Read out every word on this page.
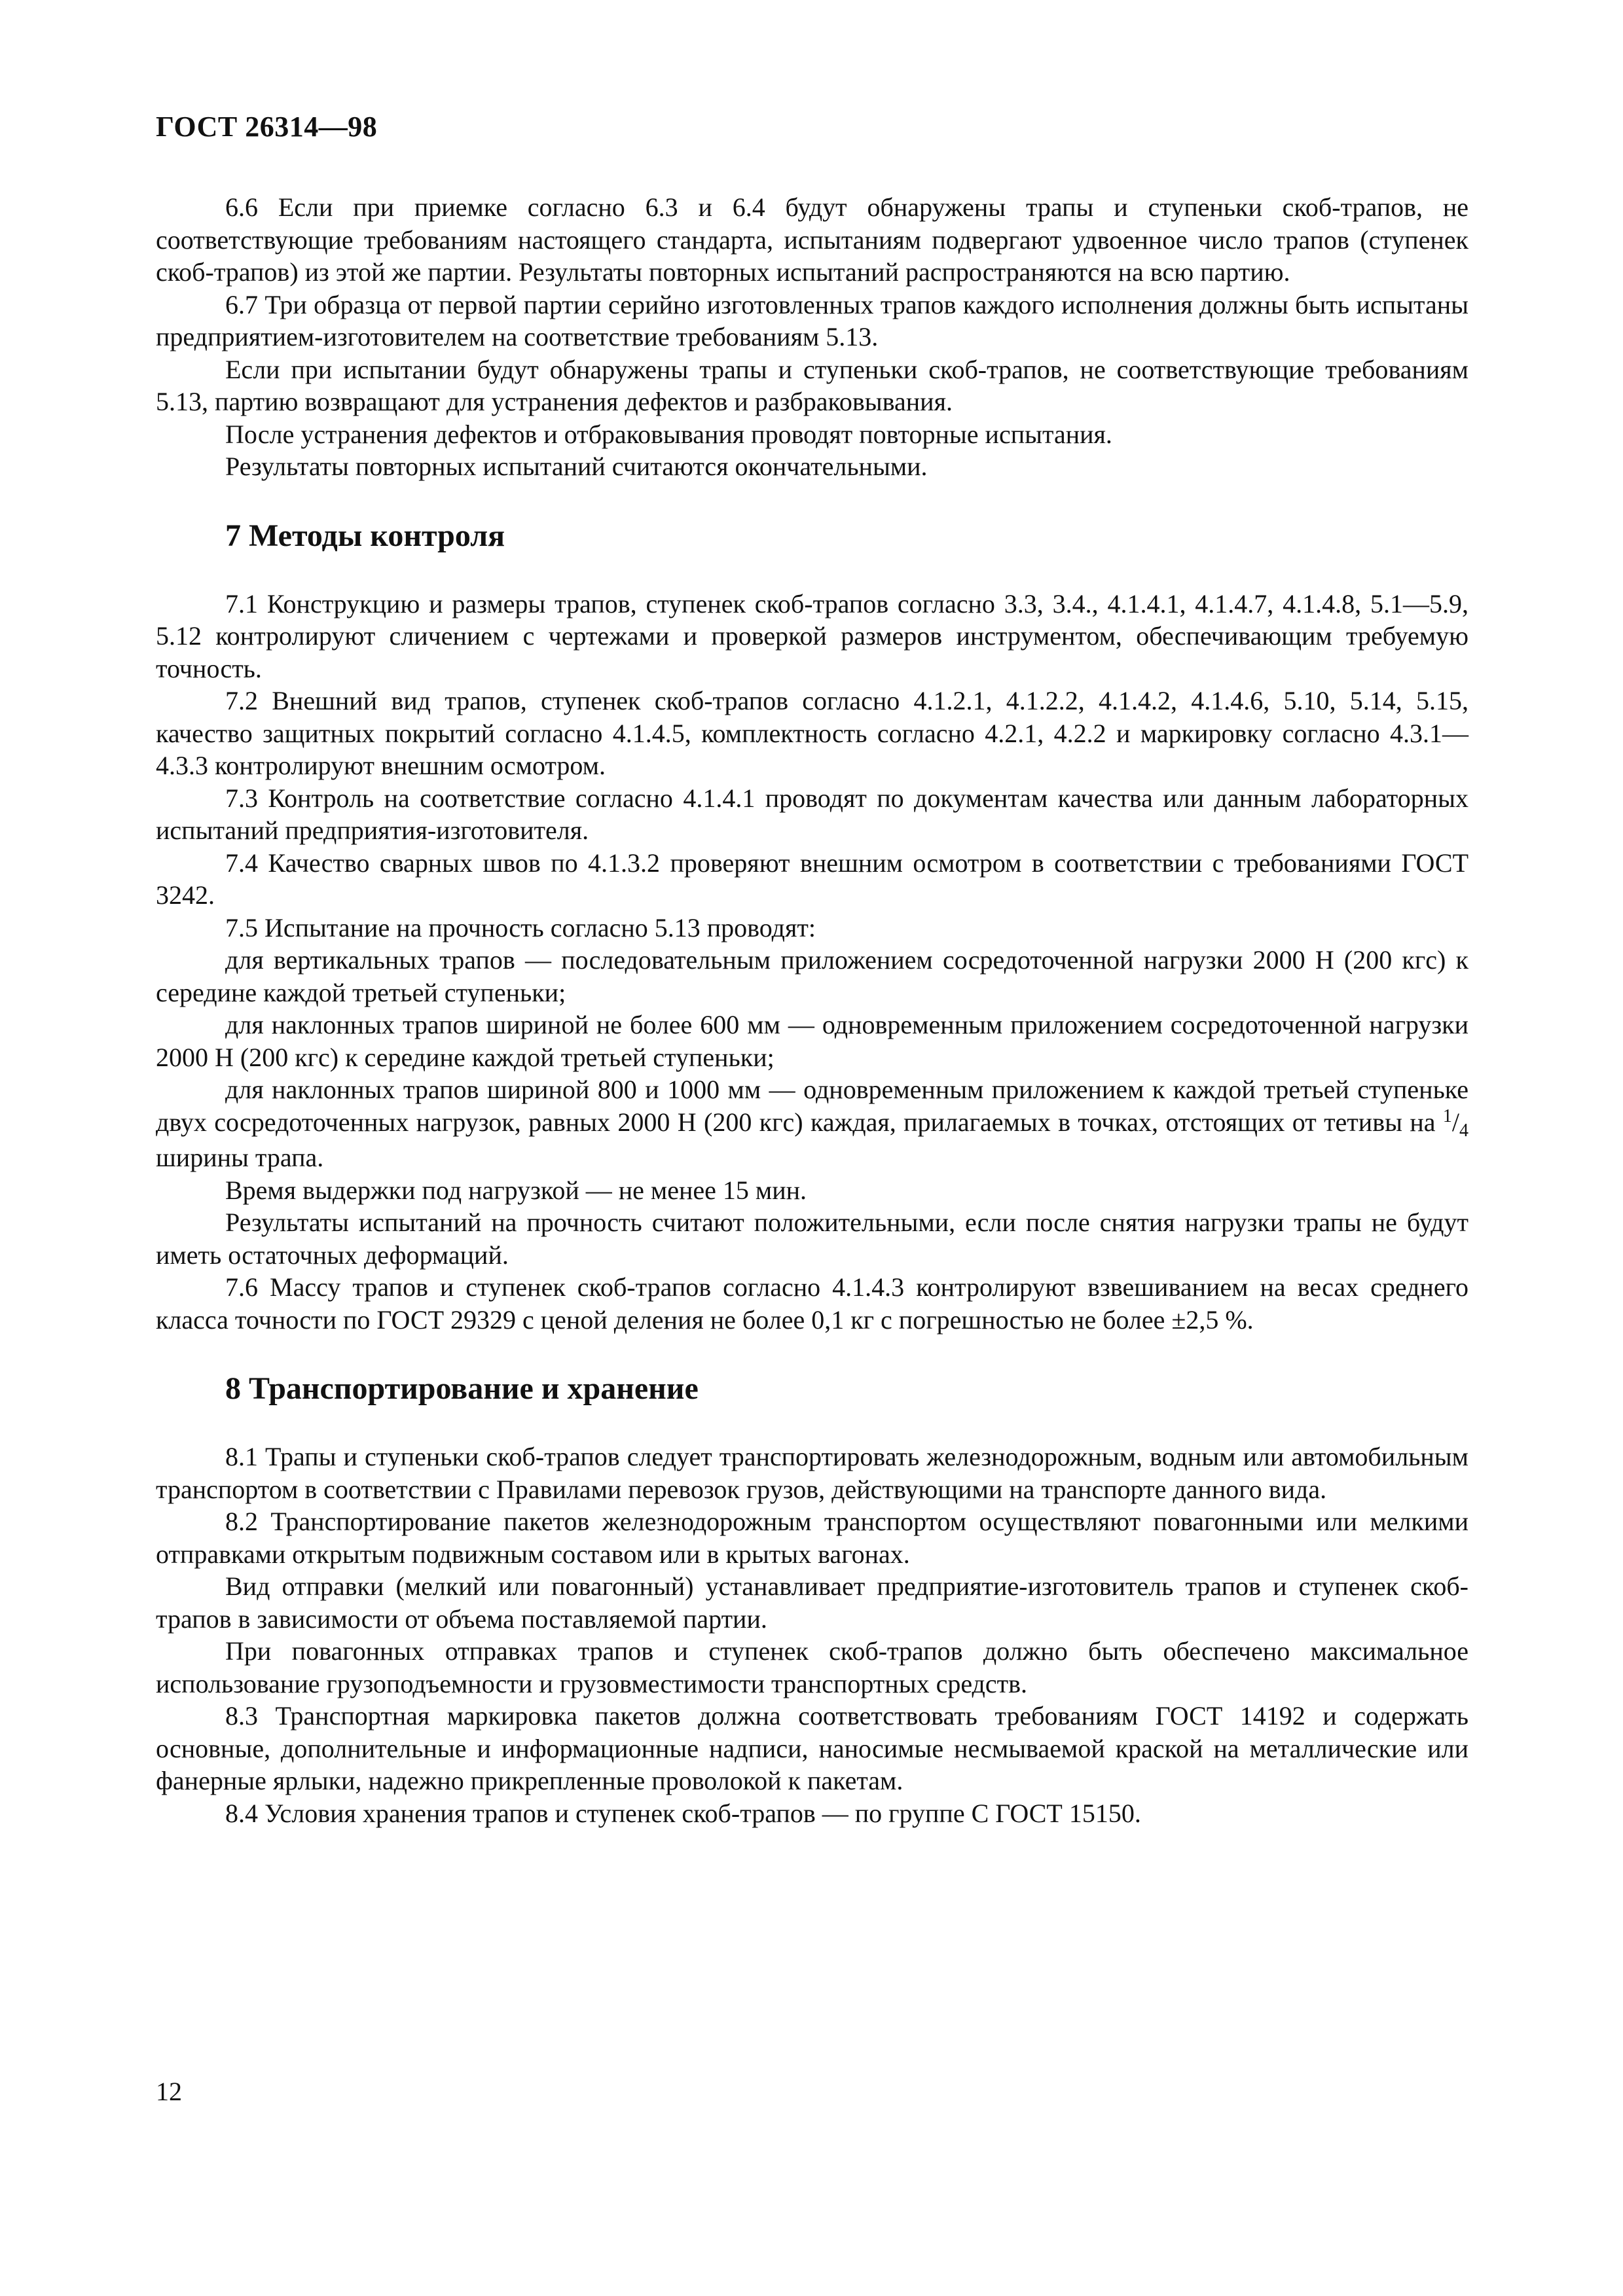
ГОСТ 26314—98

6.6 Если при приемке согласно 6.3 и 6.4 будут обнаружены трапы и ступеньки скоб-трапов, не соответствующие требованиям настоящего стандарта, испытаниям подвергают удвоенное число трапов (ступенек скоб-трапов) из этой же партии. Результаты повторных испытаний распространяются на всю партию.

6.7 Три образца от первой партии серийно изготовленных трапов каждого исполнения должны быть испытаны предприятием-изготовителем на соответствие требованиям 5.13.

Если при испытании будут обнаружены трапы и ступеньки скоб-трапов, не соответствующие требованиям 5.13, партию возвращают для устранения дефектов и разбраковывания.

После устранения дефектов и отбраковывания проводят повторные испытания.

Результаты повторных испытаний считаются окончательными.

7 Методы контроля

7.1 Конструкцию и размеры трапов, ступенек скоб-трапов согласно 3.3, 3.4., 4.1.4.1, 4.1.4.7, 4.1.4.8, 5.1—5.9, 5.12 контролируют сличением с чертежами и проверкой размеров инструментом, обеспечивающим требуемую точность.

7.2 Внешний вид трапов, ступенек скоб-трапов согласно 4.1.2.1, 4.1.2.2, 4.1.4.2, 4.1.4.6, 5.10, 5.14, 5.15, качество защитных покрытий согласно 4.1.4.5, комплектность согласно 4.2.1, 4.2.2 и маркировку согласно 4.3.1—4.3.3 контролируют внешним осмотром.

7.3 Контроль на соответствие согласно 4.1.4.1 проводят по документам качества или данным лабораторных испытаний предприятия-изготовителя.

7.4 Качество сварных швов по 4.1.3.2 проверяют внешним осмотром в соответствии с требованиями ГОСТ 3242.

7.5 Испытание на прочность согласно 5.13 проводят:

для вертикальных трапов — последовательным приложением сосредоточенной нагрузки 2000 Н (200 кгс) к середине каждой третьей ступеньки;

для наклонных трапов шириной не более 600 мм — одновременным приложением сосредоточенной нагрузки 2000 Н (200 кгс) к середине каждой третьей ступеньки;

для наклонных трапов шириной 800 и 1000 мм — одновременным приложением к каждой третьей ступеньке двух сосредоточенных нагрузок, равных 2000 Н (200 кгс) каждая, прилагаемых в точках, отстоящих от тетивы на $^1/_4$ ширины трапа.

Время выдержки под нагрузкой — не менее 15 мин.

Результаты испытаний на прочность считают положительными, если после снятия нагрузки трапы не будут иметь остаточных деформаций.

7.6 Массу трапов и ступенек скоб-трапов согласно 4.1.4.3 контролируют взвешиванием на весах среднего класса точности по ГОСТ 29329 с ценой деления не более 0,1 кг с погрешностью не более ±2,5 %.

8 Транспортирование и хранение

8.1 Трапы и ступеньки скоб-трапов следует транспортировать железнодорожным, водным или автомобильным транспортом в соответствии с Правилами перевозок грузов, действующими на транспорте данного вида.

8.2 Транспортирование пакетов железнодорожным транспортом осуществляют повагонными или мелкими отправками открытым подвижным составом или в крытых вагонах.

Вид отправки (мелкий или повагонный) устанавливает предприятие-изготовитель трапов и ступенек скоб-трапов в зависимости от объема поставляемой партии.

При повагонных отправках трапов и ступенек скоб-трапов должно быть обеспечено максимальное использование грузоподъемности и грузовместимости транспортных средств.

8.3 Транспортная маркировка пакетов должна соответствовать требованиям ГОСТ 14192 и содержать основные, дополнительные и информационные надписи, наносимые несмываемой краской на металлические или фанерные ярлыки, надежно прикрепленные проволокой к пакетам.

8.4 Условия хранения трапов и ступенек скоб-трапов — по группе С ГОСТ 15150.

12
